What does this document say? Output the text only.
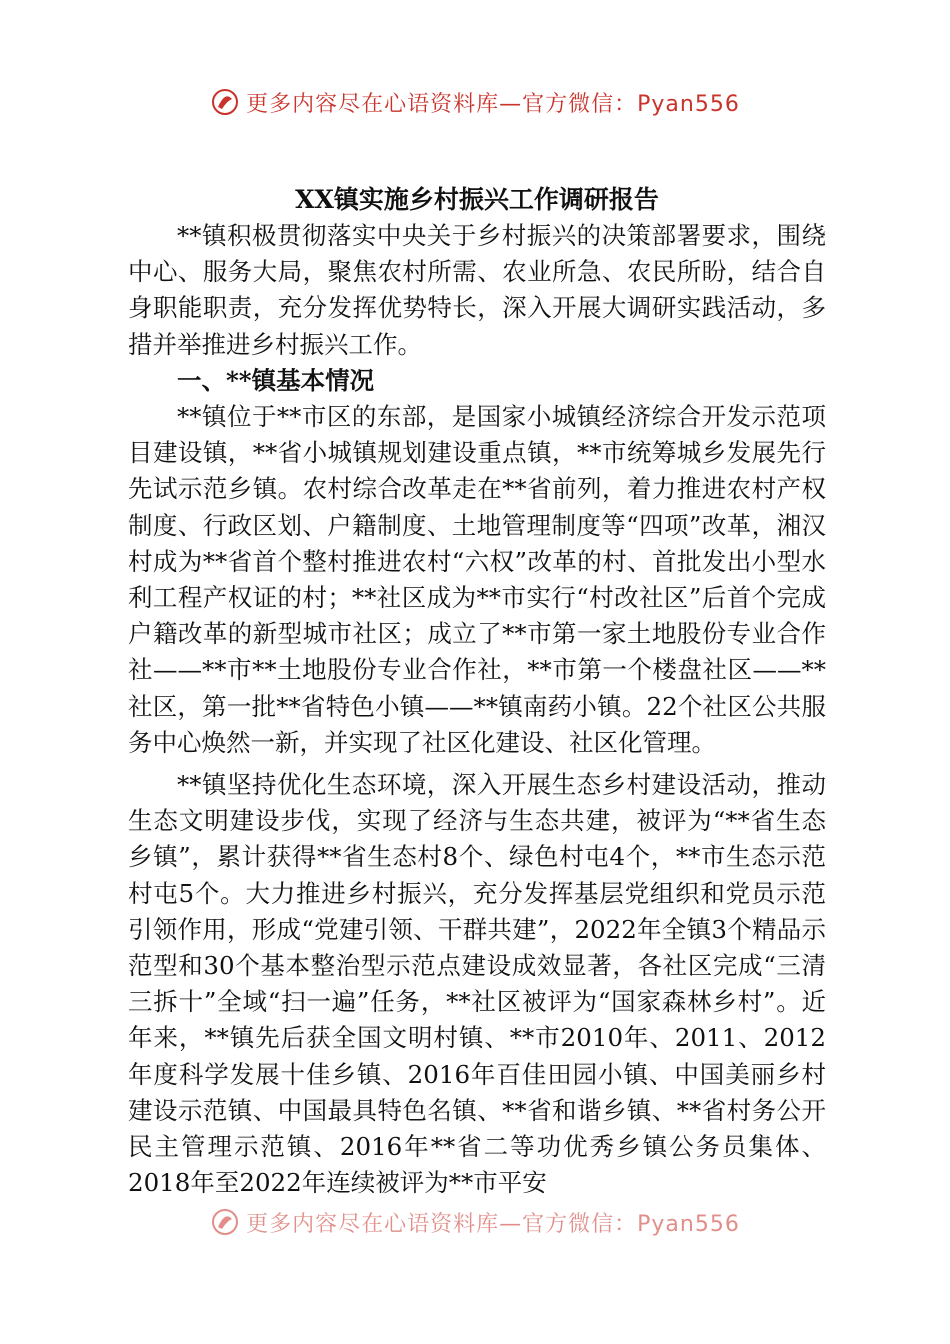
更多内容尽在心语资料库—官方微信：Pyan556
XX镇实施乡村振兴工作调研报告

**镇积极贯彻落实中央关于乡村振兴的决策部署要求，围绕中心、服务大局，聚焦农村所需、农业所急、农民所盼，结合自身职能职责，充分发挥优势特长，深入开展大调研实践活动，多措并举推进乡村振兴工作。

一、**镇基本情况

**镇位于**市区的东部，是国家小城镇经济综合开发示范项目建设镇，**省小城镇规划建设重点镇，**市统筹城乡发展先行先试示范乡镇。农村综合改革走在**省前列，着力推进农村产权制度、行政区划、户籍制度、土地管理制度等“四项”改革，湘汉村成为**省首个整村推进农村“六权”改革的村、首批发出小型水利工程产权证的村；**社区成为**市实行“村改社区”后首个完成户籍改革的新型城市社区；成立了**市第一家土地股份专业合作社——**市**土地股份专业合作社，**市第一个楼盘社区——**社区，第一批**省特色小镇——**镇南药小镇。22个社区公共服务中心焕然一新，并实现了社区化建设、社区化管理。

**镇坚持优化生态环境，深入开展生态乡村建设活动，推动生态文明建设步伐，实现了经济与生态共建，被评为“**省生态乡镇”，累计获得**省生态村8个、绿色村屯4个，**市生态示范村屯5个。大力推进乡村振兴，充分发挥基层党组织和党员示范引领作用，形成“党建引领、干群共建”，2022年全镇3个精品示范型和30个基本整治型示范点建设成效显著，各社区完成“三清三拆十”全域“扫一遍”任务，**社区被评为“国家森林乡村”。近年来，**镇先后获全国文明村镇、**市2010年、2011、2012年度科学发展十佳乡镇、2016年百佳田园小镇、中国美丽乡村建设示范镇、中国最具特色名镇、**省和谐乡镇、**省村务公开民主管理示范镇、2016年**省二等功优秀乡镇公务员集体、2018年至2022年连续被评为**市平安

更多内容尽在心语资料库—官方微信：Pyan556
